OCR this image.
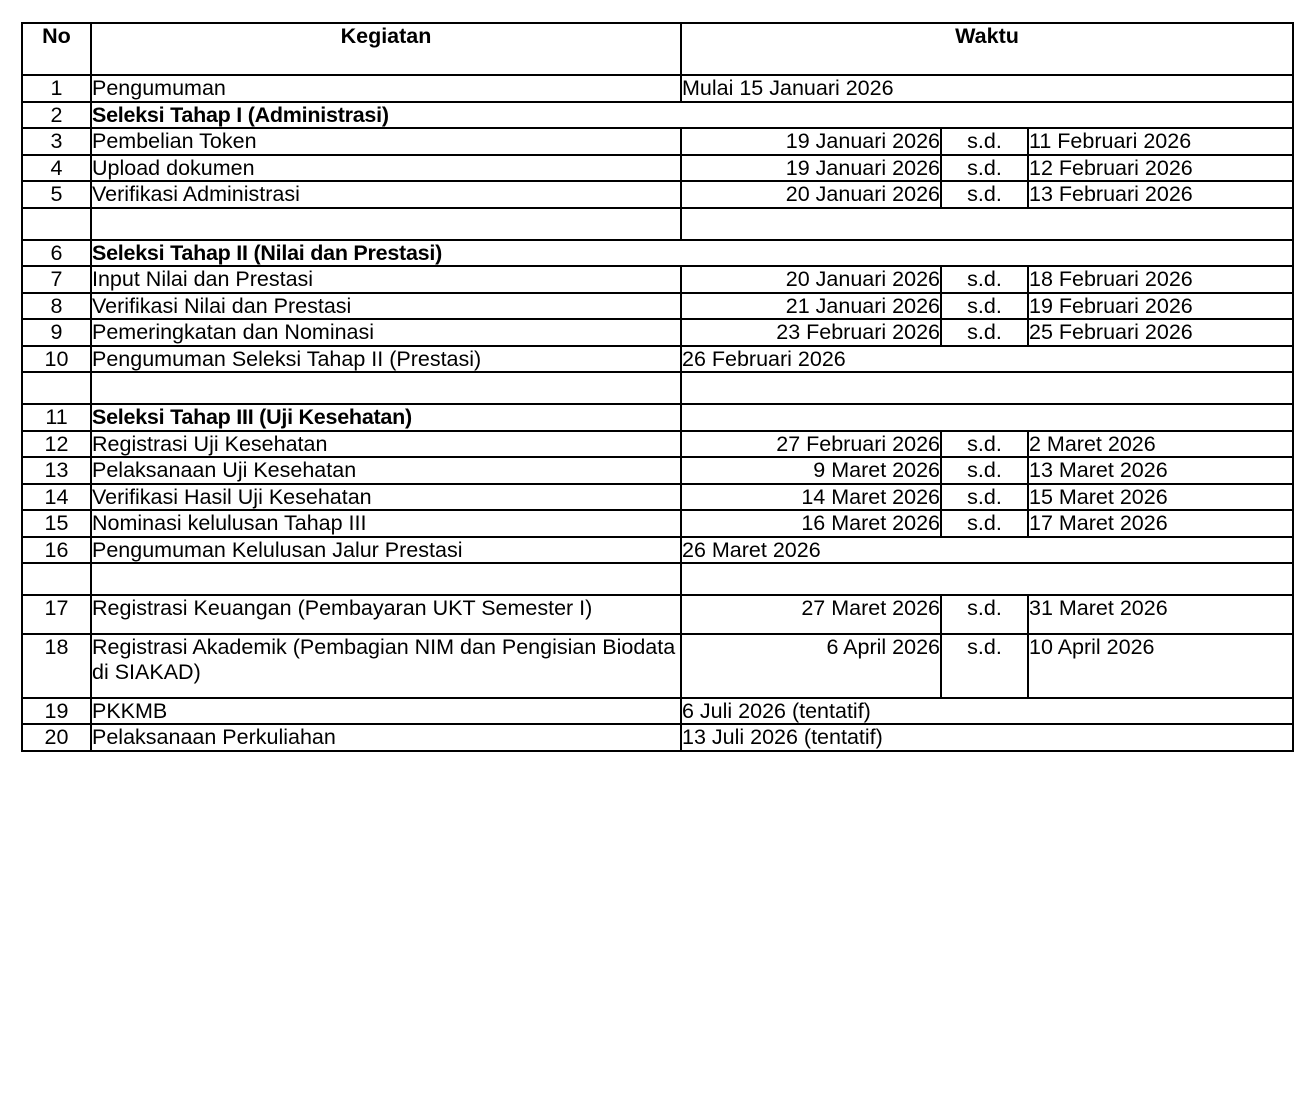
No	Kegiatan	Waktu		
1	Pengumuman	Mulai 15 Januari 2026		
2	Seleksi Tahap I (Administrasi)			
3	Pembelian Token	19 Januari 2026	s.d.	11 Februari 2026
4	Upload dokumen	19 Januari 2026	s.d.	12 Februari 2026
5	Verifikasi Administrasi	20 Januari 2026	s.d.	13 Februari 2026

6	Seleksi Tahap II (Nilai dan Prestasi)			
7	Input Nilai dan Prestasi	20 Januari 2026	s.d.	18 Februari 2026
8	Verifikasi Nilai dan Prestasi	21 Januari 2026	s.d.	19 Februari 2026
9	Pemeringkatan dan Nominasi	23 Februari 2026	s.d.	25 Februari 2026
10	Pengumuman Seleksi Tahap II (Prestasi)	26 Februari 2026		

11	Seleksi Tahap III (Uji Kesehatan)			
12	Registrasi Uji Kesehatan	27 Februari 2026	s.d.	2 Maret 2026
13	Pelaksanaan Uji Kesehatan	9 Maret 2026	s.d.	13 Maret 2026
14	Verifikasi Hasil Uji Kesehatan	14 Maret 2026	s.d.	15 Maret 2026
15	Nominasi kelulusan Tahap III	16 Maret 2026	s.d.	17 Maret 2026
16	Pengumuman Kelulusan Jalur Prestasi	26 Maret 2026		

17	Registrasi Keuangan (Pembayaran UKT Semester I)	27 Maret 2026	s.d.	31 Maret 2026
18	Registrasi Akademik (Pembagian NIM dan Pengisian Biodata di SIAKAD)	6 April 2026	s.d.	10 April 2026
19	PKKMB	6 Juli 2026 (tentatif)		
20	Pelaksanaan Perkuliahan	13 Juli 2026 (tentatif)		
